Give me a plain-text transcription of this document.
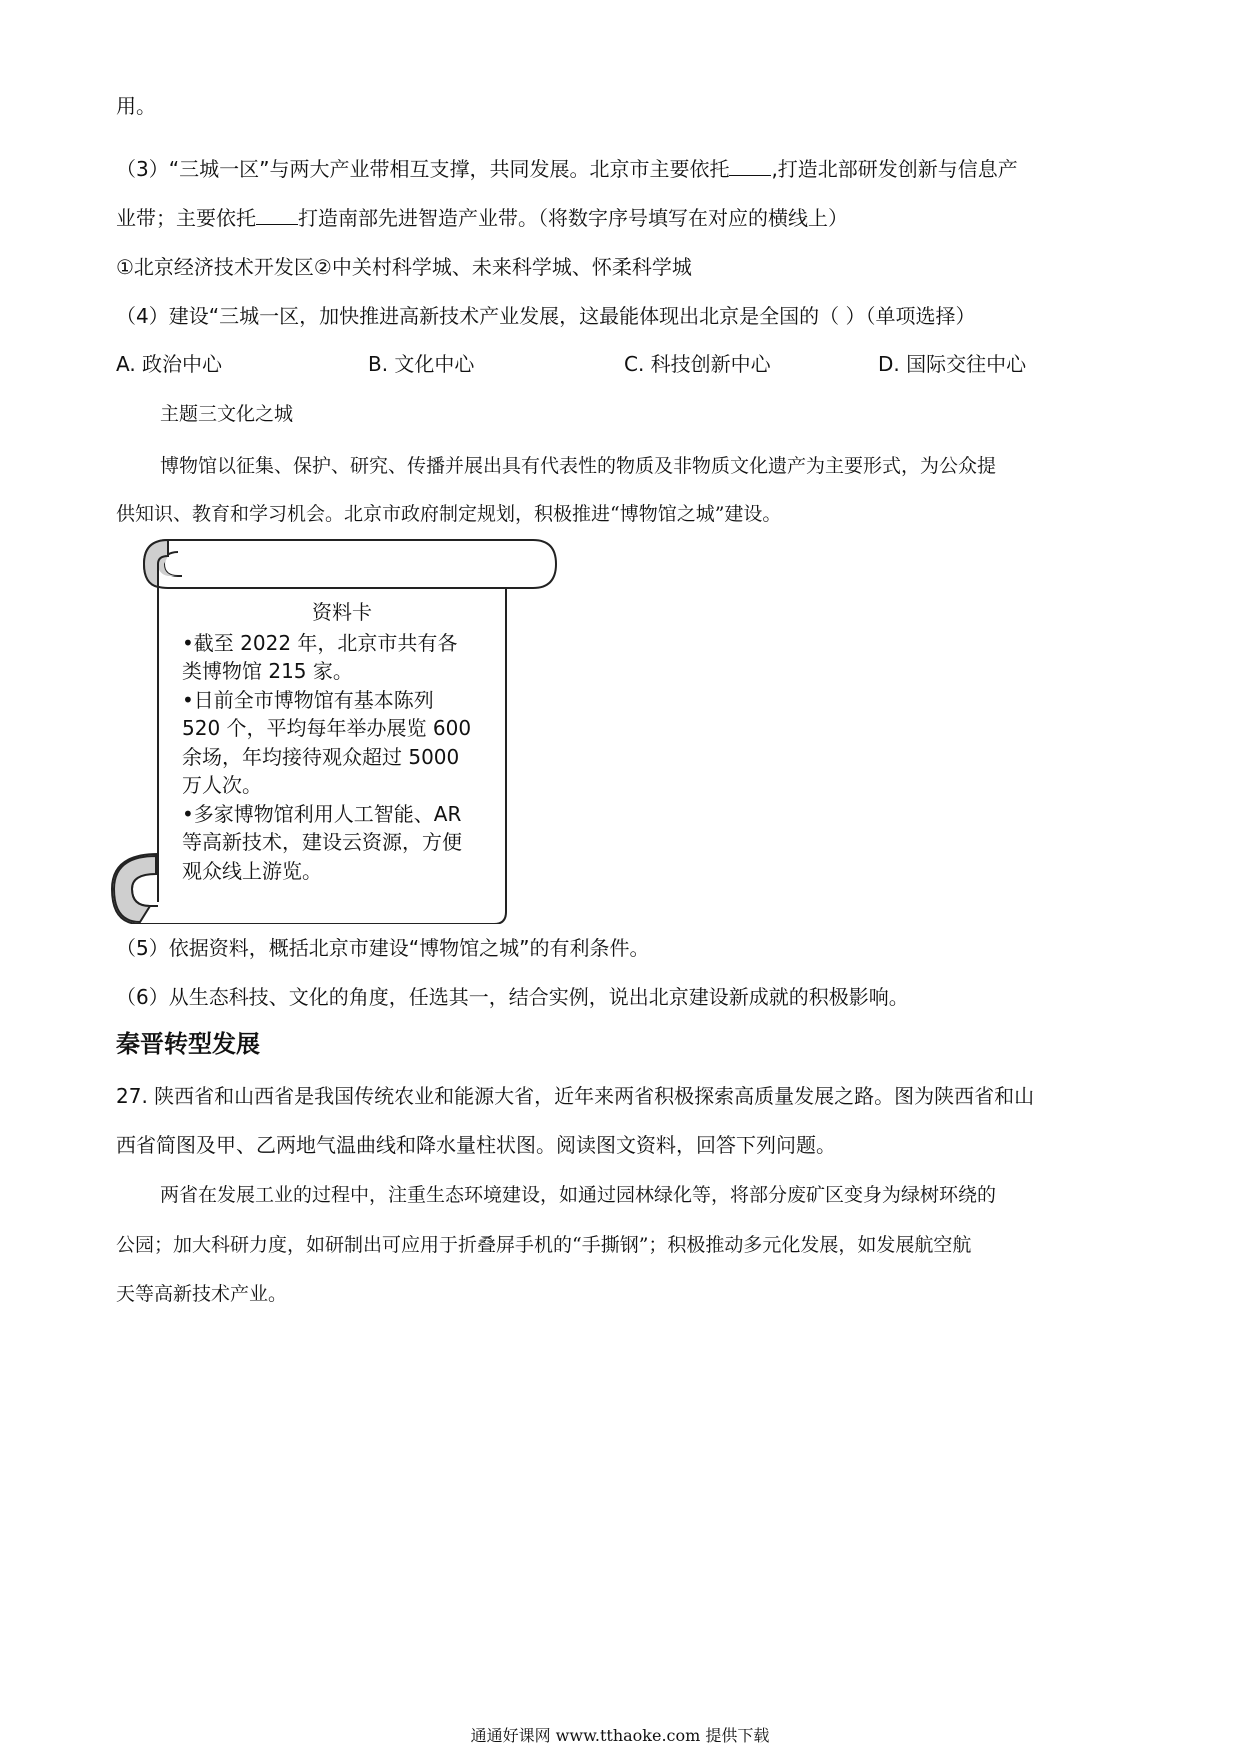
用。
（3）“三城一区”与两大产业带相互支撑，共同发展。北京市主要依托 ,打造北部研发创新与信息产
业带；主要依托 打造南部先进智造产业带。（将数字序号填写在对应的横线上）
①北京经济技术开发区②中关村科学城、未来科学城、怀柔科学城
（4）建设“三城一区，加快推进高新技术产业发展，这最能体现出北京是全国的（ ）（单项选择）
A. 政治中心	B. 文化中心	C. 科技创新中心	D. 国际交往中心
主题三文化之城
博物馆以征集、保护、研究、传播并展出具有代表性的物质及非物质文化遗产为主要形式，为公众提
供知识、教育和学习机会。北京市政府制定规划，积极推进“博物馆之城”建设。
资料卡
•截至 2022 年，北京市共有各
类博物馆 215 家。
•日前全市博物馆有基本陈列
520 个，平均每年举办展览 600
余场，年均接待观众超过 5000
万人次。
•多家博物馆利用人工智能、AR
等高新技术，建设云资源，方便
观众线上游览。
（5）依据资料，概括北京市建设“博物馆之城”的有利条件。
（6）从生态科技、文化的角度，任选其一，结合实例，说出北京建设新成就的积极影响。
秦晋转型发展
27. 陕西省和山西省是我国传统农业和能源大省，近年来两省积极探索高质量发展之路。图为陕西省和山
西省简图及甲、乙两地气温曲线和降水量柱状图。阅读图文资料，回答下列问题。
两省在发展工业的过程中，注重生态环境建设，如通过园林绿化等，将部分废矿区变身为绿树环绕的
公园；加大科研力度，如研制出可应用于折叠屏手机的“手撕钢”；积极推动多元化发展，如发展航空航
天等高新技术产业。
通通好课网 www.tthaoke.com 提供下载
